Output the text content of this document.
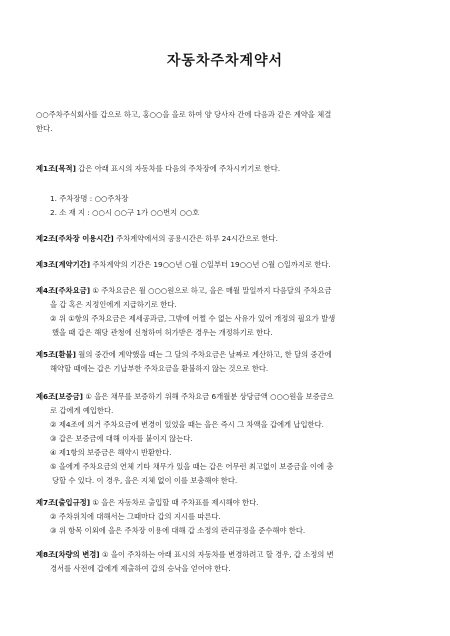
자동차주차계약서
○○주차주식회사를 갑으로 하고, 홍○○을 을로 하여 양 당사자 간에 다음과 같은 계약을 체결
한다.
제1조[목적] 갑은 아래 표시의 자동차를 다음의 주차장에 주차시키기로 한다.
1. 주차장명 : ○○주차장
2. 소 재 지 : ○○시 ○○구 1가 ○○번지 ○○호
제2조[주차장 이용시간] 주차계약에서의 공용시간은 하루 24시간으로 한다.
제3조[계약기간] 주차계약의 기간은 19○○년 ○월 ○일부터 19○○년 ○월 ○일까지로 한다.
제4조[주차요금] ① 주차요금은 월 ○○○원으로 하고, 을은 매월 말일까지 다음달의 주차요금
을 갑 혹은 지정인에게 지급하기로 한다.
② 위 ①항의 주차요금은 제세공과금, 그밖에 어쩔 수 없는 사유가 있어 개정의 필요가 발생
했을 때 갑은 해당 관청에 신청하여 허가받은 경우는 개정하기로 한다.
제5조[환불] 월의 중간에 계약했을 때는 그 달의 주차요금은 날짜로 계산하고, 한 달의 중간에
해약할 때에는 갑은 기납부한 주차요금을 환불하지 않는 것으로 한다.
제6조[보증금] ① 을은 채무를 보증하기 위해 주차요금 6개월분 상당금액 ○○○원을 보증금으
로 갑에게 예입한다.
② 제4조에 의거 주차요금에 변경이 있었을 때는 을은 즉시 그 차액을 갑에게 납입한다.
③ 갑은 보증금에 대해 이자를 붙이지 않는다.
④ 제1항의 보증금은 해약시 반환한다.
⑤ 을에게 주차요금의 연체 기타 채무가 있을 때는 갑은 어무런 최고없이 보증금을 이에 충
당할 수 있다. 이 경우, 을은 지체 없이 이를 보충해야 한다.
제7조[출입규정] ① 을은 자동차로 출입할 때 주차표를 제시해야 한다.
② 주차위치에 대해서는 그때마다 갑의 지시를 따른다.
③ 위 항목 이외에 을은 주차장 이용에 대해 갑 소정의 관리규정을 준수해야 한다.
제8조[차량의 변경] ① 을이 주차하는 아래 표시의 자동차를 변경하려고 할 경우, 갑 소정의 변
경서를 사전에 갑에게 제출하여 갑의 승낙을 얻어야 한다.
